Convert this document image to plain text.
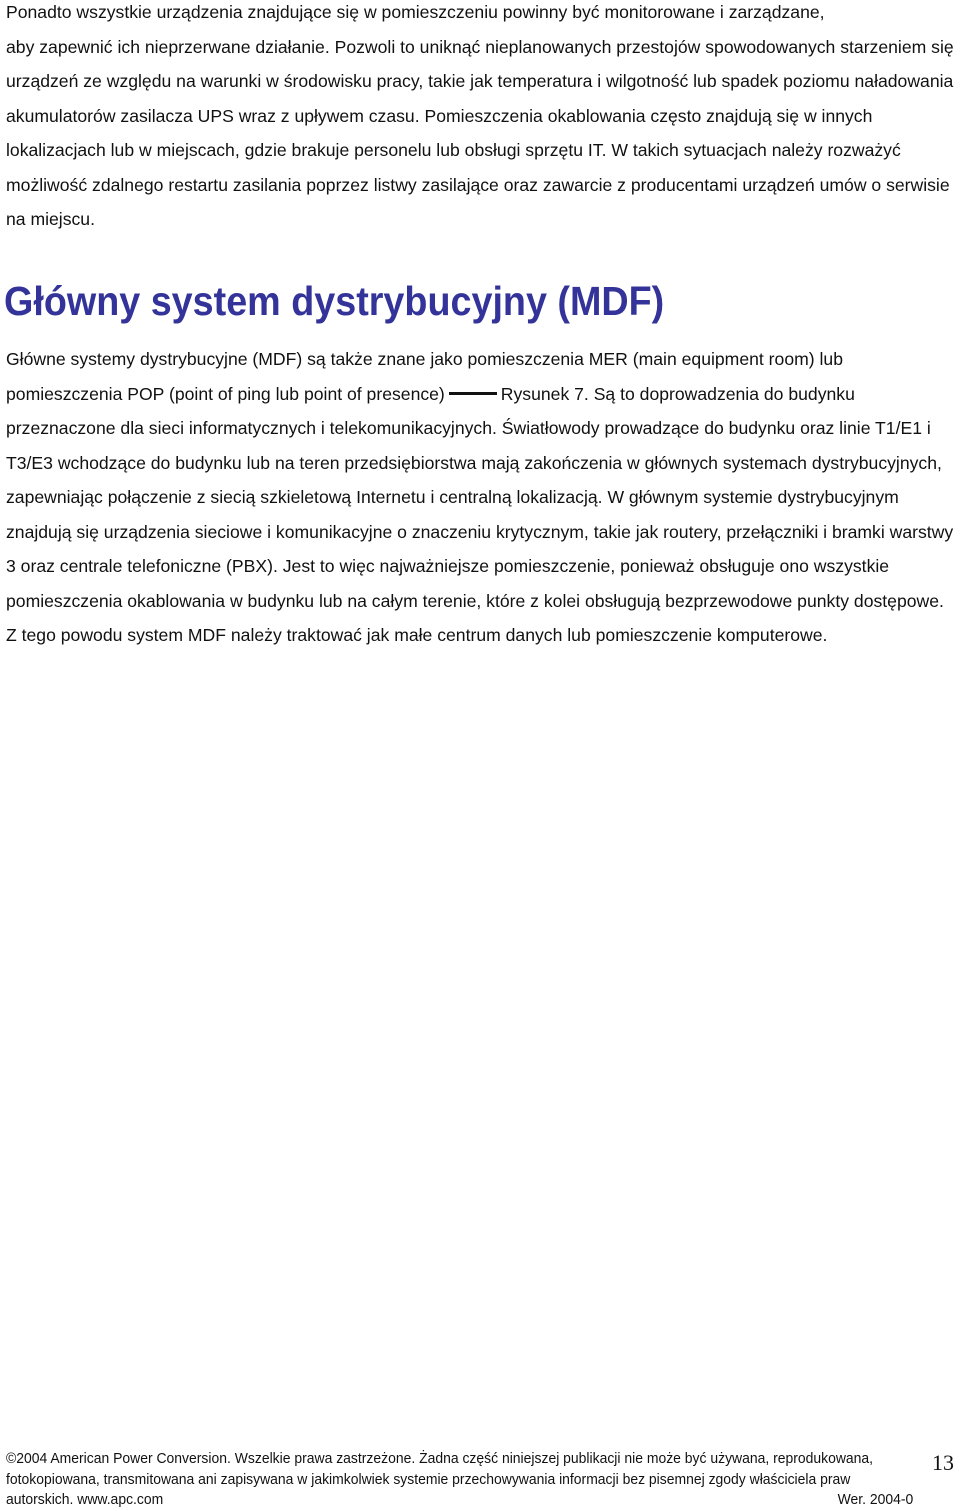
Ponadto wszystkie urządzenia znajdujące się w pomieszczeniu powinny być monitorowane i zarządzane,
aby zapewnić ich nieprzerwane działanie. Pozwoli to uniknąć nieplanowanych przestojów spowodowanych starzeniem się urządzeń ze względu na warunki w środowisku pracy, takie jak temperatura i wilgotność lub spadek poziomu naładowania akumulatorów zasilacza UPS wraz z upływem czasu. Pomieszczenia okablowania często znajdują się w innych lokalizacjach lub w miejscach, gdzie brakuje personelu lub obsługi sprzętu IT. W takich sytuacjach należy rozważyć możliwość zdalnego restartu zasilania poprzez listwy zasilające oraz zawarcie z producentami urządzeń umów o serwisie na miejscu.

Główny system dystrybucyjny (MDF)

Główne systemy dystrybucyjne (MDF) są także znane jako pomieszczenia MER (main equipment room) lub pomieszczenia POP (point of ping lub point of presence)	Rysunek 7. Są to doprowadzenia do budynku przeznaczone dla sieci informatycznych i telekomunikacyjnych. Światłowody prowadzące do budynku oraz linie T1/E1 i T3/E3 wchodzące do budynku lub na teren przedsiębiorstwa mają zakończenia w głównych systemach dystrybucyjnych, zapewniając połączenie z siecią szkieletową Internetu i centralną lokalizacją. W głównym systemie dystrybucyjnym znajdują się urządzenia sieciowe i komunikacyjne o znaczeniu krytycznym, takie jak routery, przełączniki i bramki warstwy 3 oraz centrale telefoniczne (PBX). Jest to więc najważniejsze pomieszczenie, ponieważ obsługuje ono wszystkie pomieszczenia okablowania w budynku lub na całym terenie, które z kolei obsługują bezprzewodowe punkty dostępowe. Z tego powodu system MDF należy traktować jak małe centrum danych lub pomieszczenie komputerowe.

©2004 American Power Conversion. Wszelkie prawa zastrzeżone. Żadna część niniejszej publikacji nie może być używana, reprodukowana,
fotokopiowana, transmitowana ani zapisywana w jakimkolwiek systemie przechowywania informacji bez pisemnej zgody właściciela praw
autorskich. www.apc.com	Wer. 2004-0
13
